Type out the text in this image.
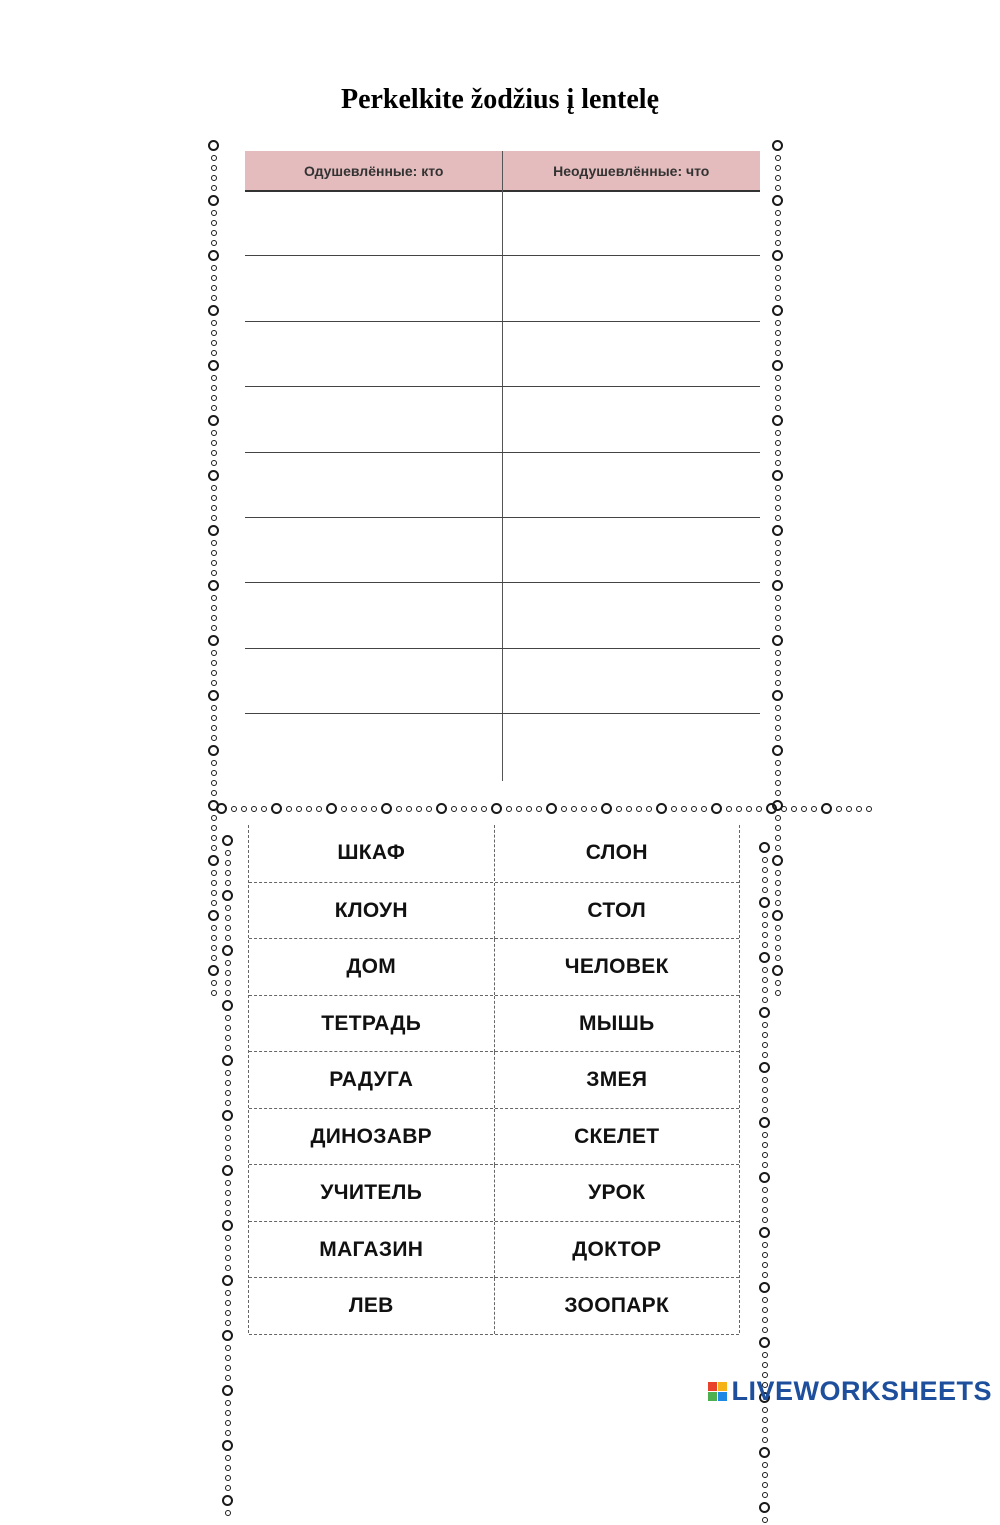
Perkelkite žodžius į lentelę
Одушевлённые: кто	Неодушевлённые: что
ШКАФ	СЛОН
КЛОУН	СТОЛ
ДОМ	ЧЕЛОВЕК
ТЕТРАДЬ	МЫШЬ
РАДУГА	ЗМЕЯ
ДИНОЗАВР	СКЕЛЕТ
УЧИТЕЛЬ	УРОК
МАГАЗИН	ДОКТОР
ЛЕВ	ЗООПАРК
LIVEWORKSHEETS
